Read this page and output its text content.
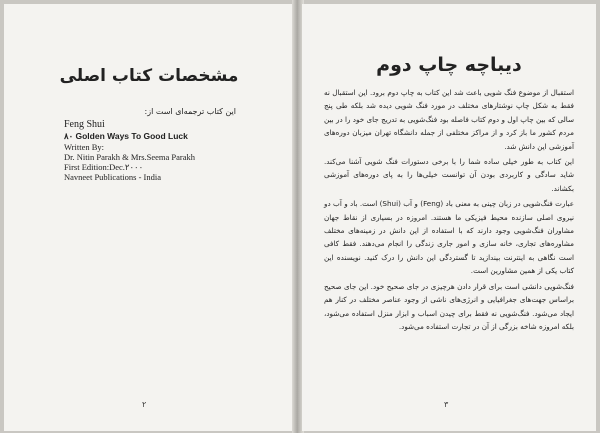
مشخصات کتاب اصلی
این کتاب ترجمه‌ای است از:
Feng Shui
۸۰ Golden Ways To Good Luck
Written By:
Dr. Nitin Parakh & Mrs.Seema Parakh
First Edition:Dec.۲۰۰۰
Navneet Publications - India
۲
دیباچه چاپ دوم

استقبال از موضوع فنگ شویی باعث شد این کتاب به چاپ دوم برود. این استقبال نه فقط به شکل چاپ نوشتارهای مختلف در مورد فنگ شویی دیده شد بلکه طی پنج سالی که بین چاپ اول و دوم کتاب فاصله بود فنگ‌شویی به تدریج جای خود را در بین مردم کشور ما باز کرد و از مراکز مختلفی از جمله دانشگاه تهران میزبان دوره‌های آموزشی این دانش شد.

این کتاب به طور خیلی ساده شما را با برخی دستورات فنگ شویی آشنا می‌کند. شاید سادگی و کاربردی بودن آن توانست خیلی‌ها را به پای دوره‌های آموزشی بکشاند.

عبارت فنگ‌شویی در زبان چینی به معنی باد (Feng) و آب (Shui) است. باد و آب دو نیروی اصلی سازنده محیط فیزیکی ما هستند. امروزه در بسیاری از نقاط جهان مشاوران فنگ‌شویی وجود دارند که با استفاده از این دانش در زمینه‌های مختلف مشاوره‌های تجاری، خانه سازی و امور جاری زندگی را انجام می‌دهند. فقط کافی است نگاهی به اینترنت بیندازید تا گستردگی این دانش را درک کنید. نویسنده این کتاب یکی از همین مشاورین است.

فنگ‌شویی دانشی است برای قرار دادن هرچیزی در جای صحیح خود. این جای صحیح براساس جهت‌های جغرافیایی و انرژی‌های ناشی از وجود عناصر مختلف در کنار هم ایجاد می‌شود. فنگ‌شویی نه فقط برای چیدن اسباب و ابزار منزل استفاده می‌شود، بلکه امروزه شاخه بزرگی از آن در تجارت استفاده می‌شود.

۳
